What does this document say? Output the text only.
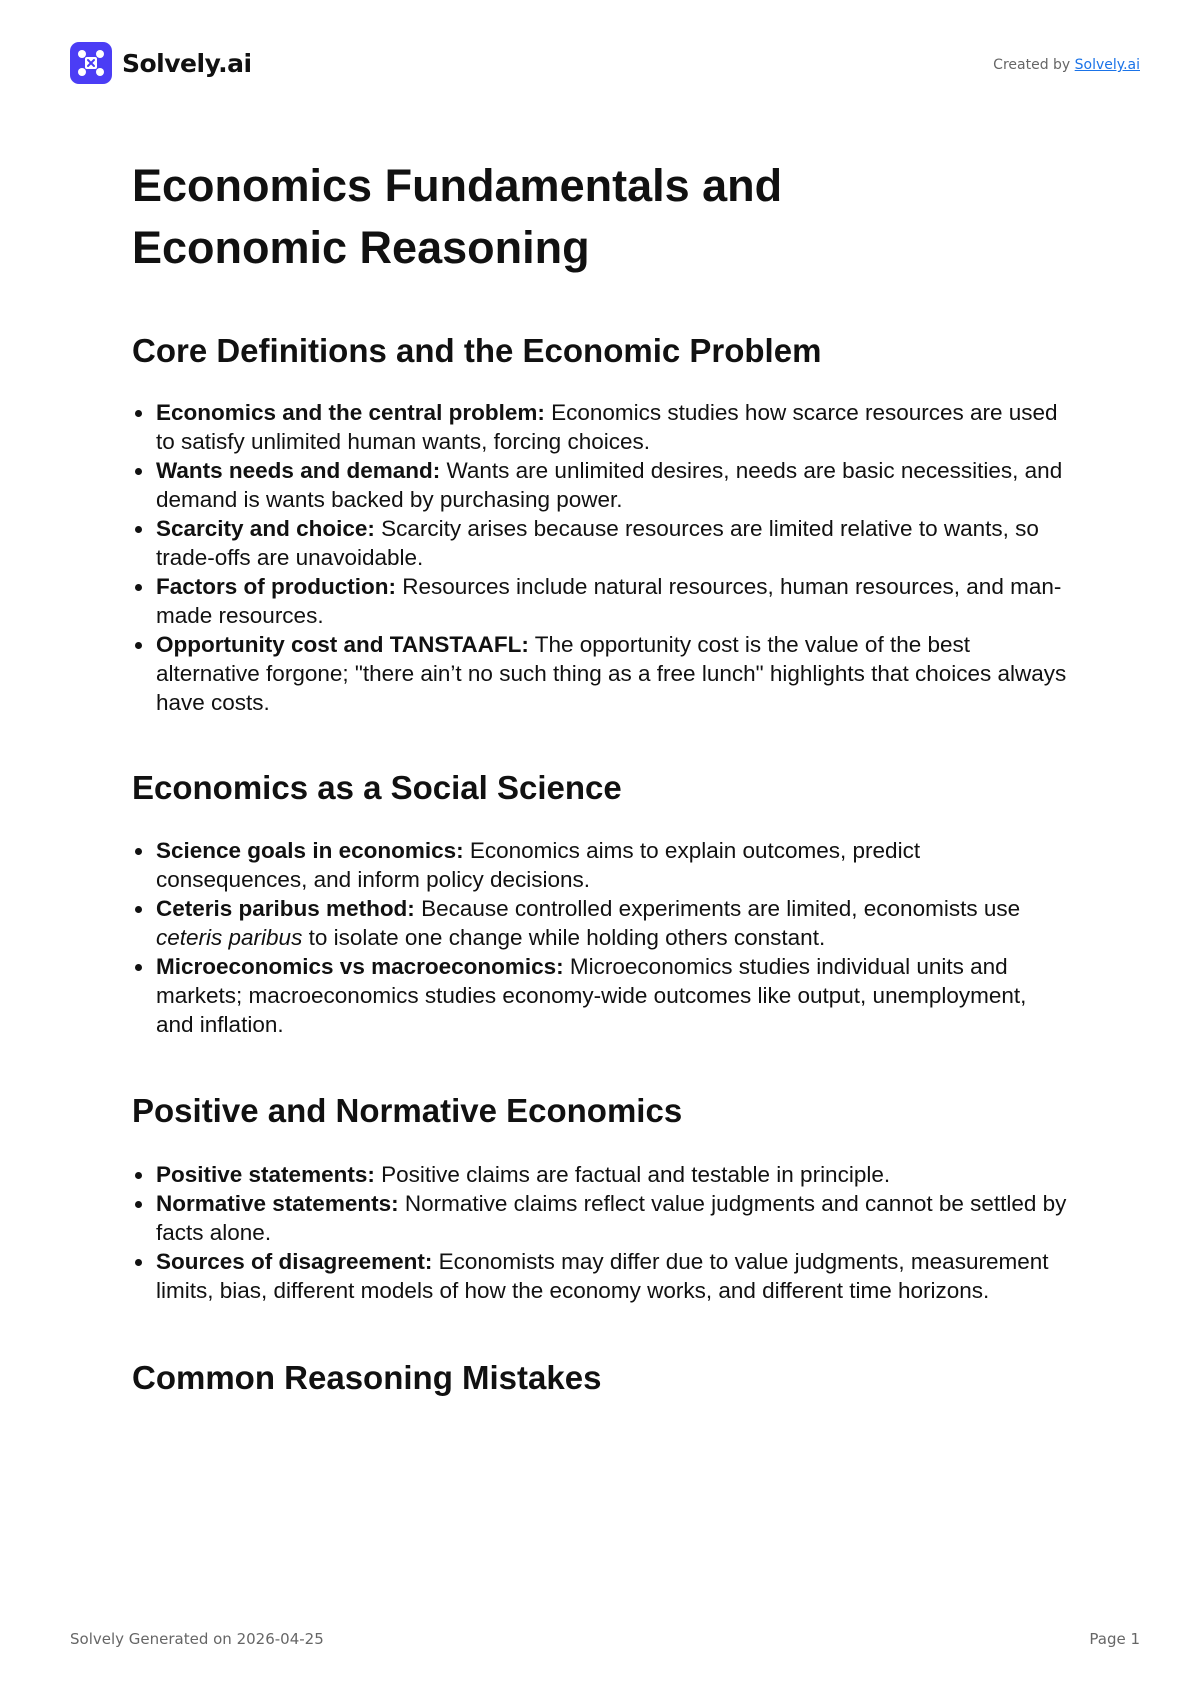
Solvely.ai	Created by Solvely.ai
Economics Fundamentals and
Economic Reasoning
Core Definitions and the Economic Problem
Economics and the central problem: Economics studies how scarce resources are used to satisfy unlimited human wants, forcing choices.
Wants needs and demand: Wants are unlimited desires, needs are basic necessities, and demand is wants backed by purchasing power.
Scarcity and choice: Scarcity arises because resources are limited relative to wants, so trade-offs are unavoidable.
Factors of production: Resources include natural resources, human resources, and man-made resources.
Opportunity cost and TANSTAAFL: The opportunity cost is the value of the best alternative forgone; "there ain’t no such thing as a free lunch" highlights that choices always have costs.
Economics as a Social Science
Science goals in economics: Economics aims to explain outcomes, predict consequences, and inform policy decisions.
Ceteris paribus method: Because controlled experiments are limited, economists use ceteris paribus to isolate one change while holding others constant.
Microeconomics vs macroeconomics: Microeconomics studies individual units and markets; macroeconomics studies economy-wide outcomes like output, unemployment, and inflation.
Positive and Normative Economics
Positive statements: Positive claims are factual and testable in principle.
Normative statements: Normative claims reflect value judgments and cannot be settled by facts alone.
Sources of disagreement: Economists may differ due to value judgments, measurement limits, bias, different models of how the economy works, and different time horizons.
Common Reasoning Mistakes
Solvely Generated on 2026-04-25	Page 1
